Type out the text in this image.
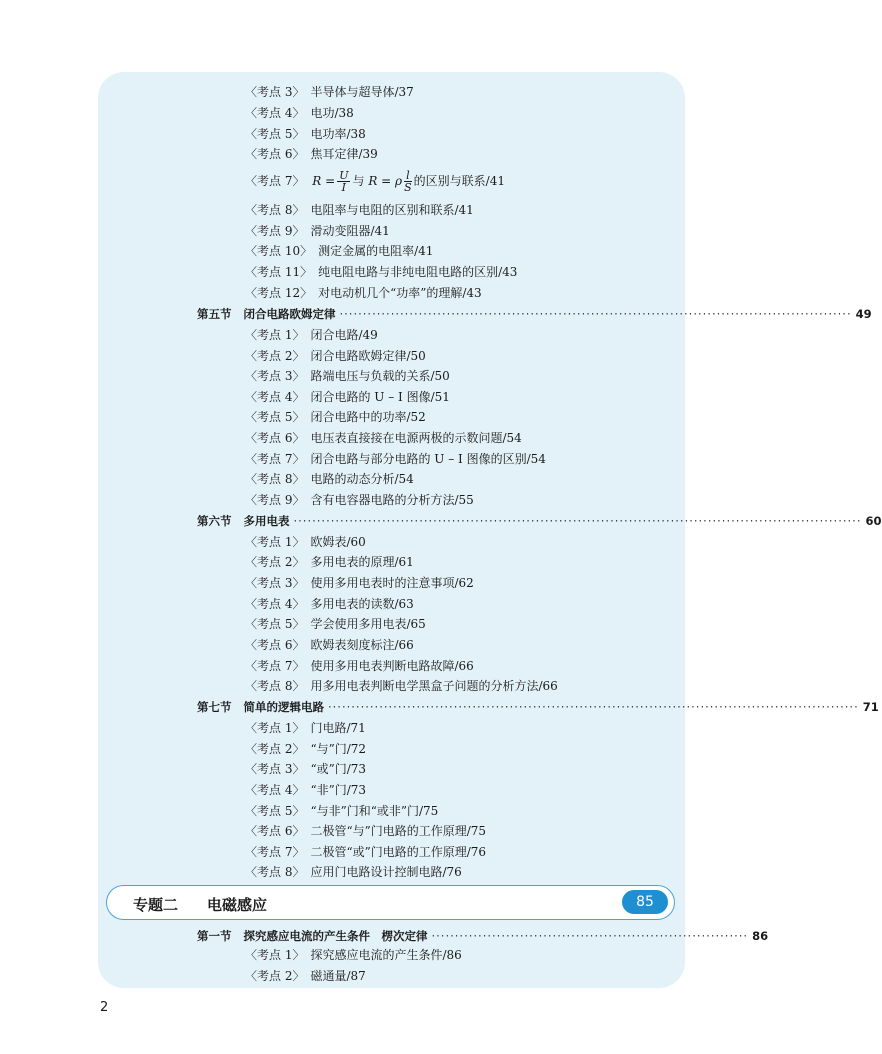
〈考点 3〉 半导体与超导体/37
〈考点 4〉 电功/38
〈考点 5〉 电功率/38
〈考点 6〉 焦耳定律/39
〈考点 7〉 $R = \frac{U}{I}$ 与 R = ρ $\frac{l}{S}$ 的区别与联系/41
〈考点 8〉 电阻率与电阻的区别和联系/41
〈考点 9〉 滑动变阻器/41
〈考点 10〉 测定金属的电阻率/41
〈考点 11〉 纯电阻电路与非纯电阻电路的区别/43
〈考点 12〉 对电动机几个“功率”的理解/43
第五节 闭合电路欧姆定律 ·············································································································· 49
〈考点 1〉 闭合电路/49
〈考点 2〉 闭合电路欧姆定律/50
〈考点 3〉 路端电压与负载的关系/50
〈考点 4〉 闭合电路的 U – I 图像/51
〈考点 5〉 闭合电路中的功率/52
〈考点 6〉 电压表直接接在电源两极的示数问题/54
〈考点 7〉 闭合电路与部分电路的 U – I 图像的区别/54
〈考点 8〉 电路的动态分析/54
〈考点 9〉 含有电容器电路的分析方法/55
第六节 多用电表 ·························································································································· 60
〈考点 1〉 欧姆表/60
〈考点 2〉 多用电表的原理/61
〈考点 3〉 使用多用电表时的注意事项/62
〈考点 4〉 多用电表的读数/63
〈考点 5〉 学会使用多用电表/65
〈考点 6〉 欧姆表刻度标注/66
〈考点 7〉 使用多用电表判断电路故障/66
〈考点 8〉 用多用电表判断电学黑盒子问题的分析方法/66
第七节 简单的逻辑电路 ·················································································································· 71
〈考点 1〉 门电路/71
〈考点 2〉 “与”门/72
〈考点 3〉 “或”门/73
〈考点 4〉 “非”门/73
〈考点 5〉 “与非”门和“或非”门/75
〈考点 6〉 二极管“与”门电路的工作原理/75
〈考点 7〉 二极管“或”门电路的工作原理/76
〈考点 8〉 应用门电路设计控制电路/76
专题二 电磁感应	85
第一节 探究感应电流的产生条件　楞次定律 ···································································· 86
〈考点 1〉 探究感应电流的产生条件/86
〈考点 2〉 磁通量/87
2
